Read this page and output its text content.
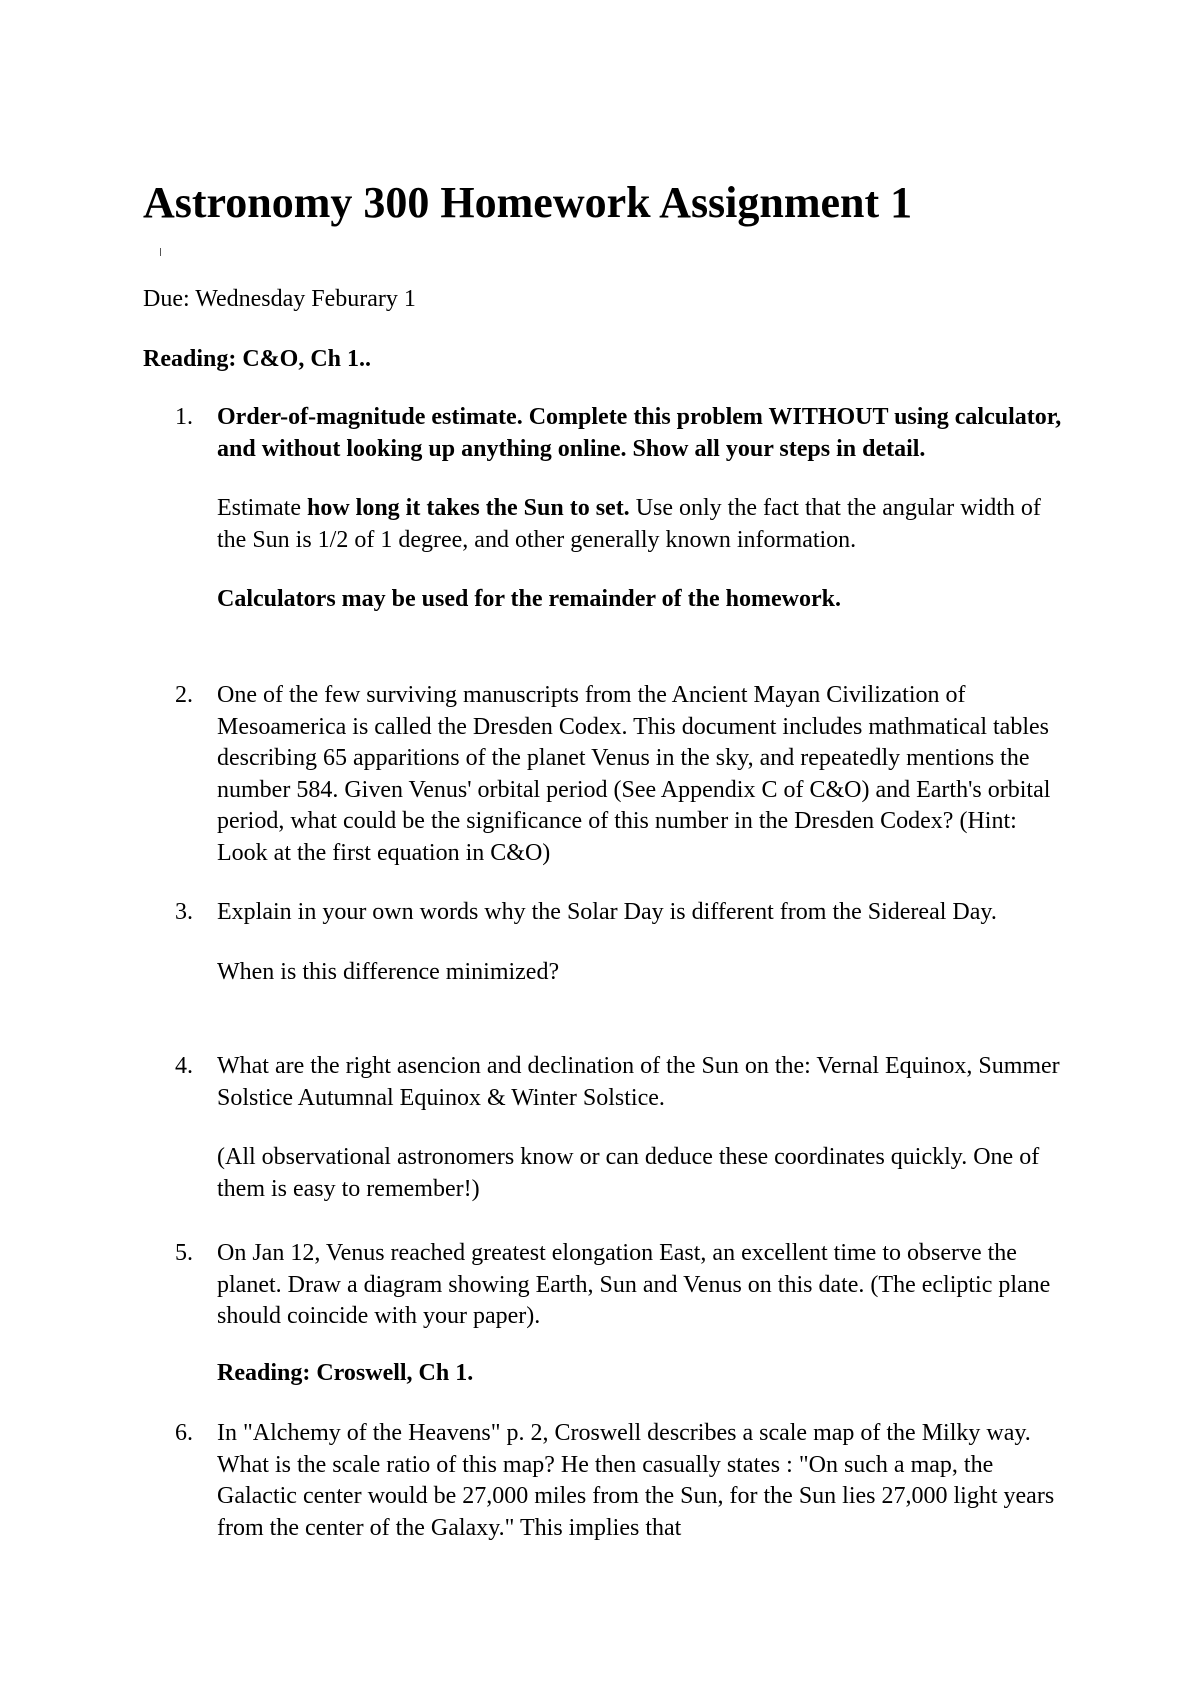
Astronomy 300 Homework Assignment 1

Due: Wednesday Feburary 1

Reading: C&O, Ch 1..

1.	Order-of-magnitude estimate. Complete this problem WITHOUT using calculator, and without looking up anything online. Show all your steps in detail.

Estimate how long it takes the Sun to set. Use only the fact that the angular width of the Sun is 1/2 of 1 degree, and other generally known information.

Calculators may be used for the remainder of the homework.

2.	One of the few surviving manuscripts from the Ancient Mayan Civilization of Mesoamerica is called the Dresden Codex. This document includes mathmatical tables describing 65 apparitions of the planet Venus in the sky, and repeatedly mentions the number 584. Given Venus' orbital period (See Appendix C of C&O) and Earth's orbital period, what could be the significance of this number in the Dresden Codex? (Hint: Look at the first equation in C&O)

3.	Explain in your own words why the Solar Day is different from the Sidereal Day.

When is this difference minimized?

4.	What are the right asencion and declination of the Sun on the: Vernal Equinox, Summer Solstice Autumnal Equinox & Winter Solstice.

(All observational astronomers know or can deduce these coordinates quickly. One of them is easy to remember!)

5.	On Jan 12, Venus reached greatest elongation East, an excellent time to observe the planet. Draw a diagram showing Earth, Sun and Venus on this date. (The ecliptic plane should coincide with your paper).

Reading: Croswell, Ch 1.

6.	In "Alchemy of the Heavens" p. 2, Croswell describes a scale map of the Milky way. What is the scale ratio of this map? He then casually states : "On such a map, the Galactic center would be 27,000 miles from the Sun, for the Sun lies 27,000 light years from the center of the Galaxy." This implies that
